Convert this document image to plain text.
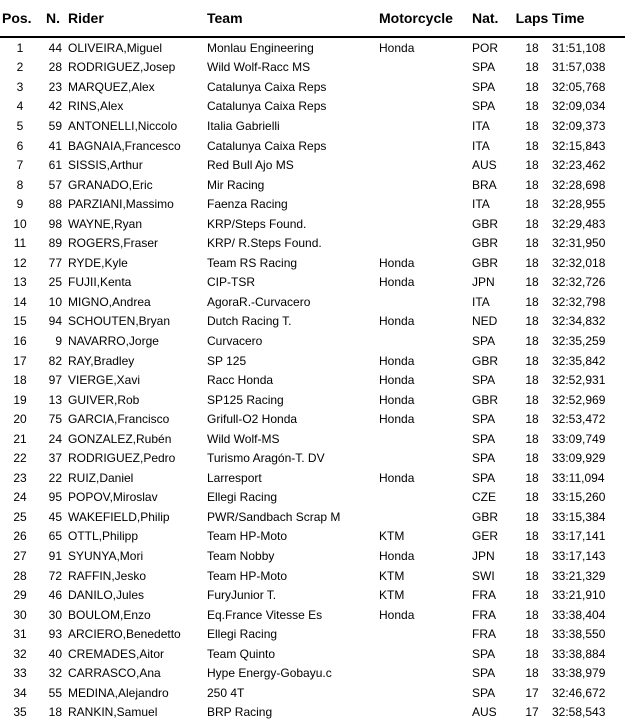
Pos.	N.	Rider	Team	Motorcycle	Nat.	Laps	Time
1	44	OLIVEIRA,Miguel	Monlau Engineering	Honda	POR	18	31:51,108
2	28	RODRIGUEZ,Josep	Wild Wolf-Racc MS		SPA	18	31:57,038
3	23	MARQUEZ,Alex	Catalunya Caixa Reps		SPA	18	32:05,768
4	42	RINS,Alex	Catalunya Caixa Reps		SPA	18	32:09,034
5	59	ANTONELLI,Niccolo	Italia Gabrielli		ITA	18	32:09,373
6	41	BAGNAIA,Francesco	Catalunya Caixa Reps		ITA	18	32:15,843
7	61	SISSIS,Arthur	Red Bull Ajo MS		AUS	18	32:23,462
8	57	GRANADO,Eric	Mir Racing		BRA	18	32:28,698
9	88	PARZIANI,Massimo	Faenza Racing		ITA	18	32:28,955
10	98	WAYNE,Ryan	KRP/Steps Found.		GBR	18	32:29,483
11	89	ROGERS,Fraser	KRP/ R.Steps Found.		GBR	18	32:31,950
12	77	RYDE,Kyle	Team RS Racing	Honda	GBR	18	32:32,018
13	25	FUJII,Kenta	CIP-TSR	Honda	JPN	18	32:32,726
14	10	MIGNO,Andrea	AgoraR.-Curvacero		ITA	18	32:32,798
15	94	SCHOUTEN,Bryan	Dutch Racing T.	Honda	NED	18	32:34,832
16	9	NAVARRO,Jorge	Curvacero		SPA	18	32:35,259
17	82	RAY,Bradley	SP 125	Honda	GBR	18	32:35,842
18	97	VIERGE,Xavi	Racc Honda	Honda	SPA	18	32:52,931
19	13	GUIVER,Rob	SP125 Racing	Honda	GBR	18	32:52,969
20	75	GARCIA,Francisco	Grifull-O2 Honda	Honda	SPA	18	32:53,472
21	24	GONZALEZ,Rubén	Wild Wolf-MS		SPA	18	33:09,749
22	37	RODRIGUEZ,Pedro	Turismo Aragón-T. DV		SPA	18	33:09,929
23	22	RUIZ,Daniel	Larresport	Honda	SPA	18	33:11,094
24	95	POPOV,Miroslav	Ellegi Racing		CZE	18	33:15,260
25	45	WAKEFIELD,Philip	PWR/Sandbach Scrap M		GBR	18	33:15,384
26	65	OTTL,Philipp	Team HP-Moto	KTM	GER	18	33:17,141
27	91	SYUNYA,Mori	Team Nobby	Honda	JPN	18	33:17,143
28	72	RAFFIN,Jesko	Team HP-Moto	KTM	SWI	18	33:21,329
29	46	DANILO,Jules	FuryJunior T.	KTM	FRA	18	33:21,910
30	30	BOULOM,Enzo	Eq.France Vitesse Es	Honda	FRA	18	33:38,404
31	93	ARCIERO,Benedetto	Ellegi Racing		FRA	18	33:38,550
32	40	CREMADES,Aitor	Team Quinto		SPA	18	33:38,884
33	32	CARRASCO,Ana	Hype Energy-Gobayu.c		SPA	18	33:38,979
34	55	MEDINA,Alejandro	250 4T		SPA	17	32:46,672
35	18	RANKIN,Samuel	BRP Racing		AUS	17	32:58,543
